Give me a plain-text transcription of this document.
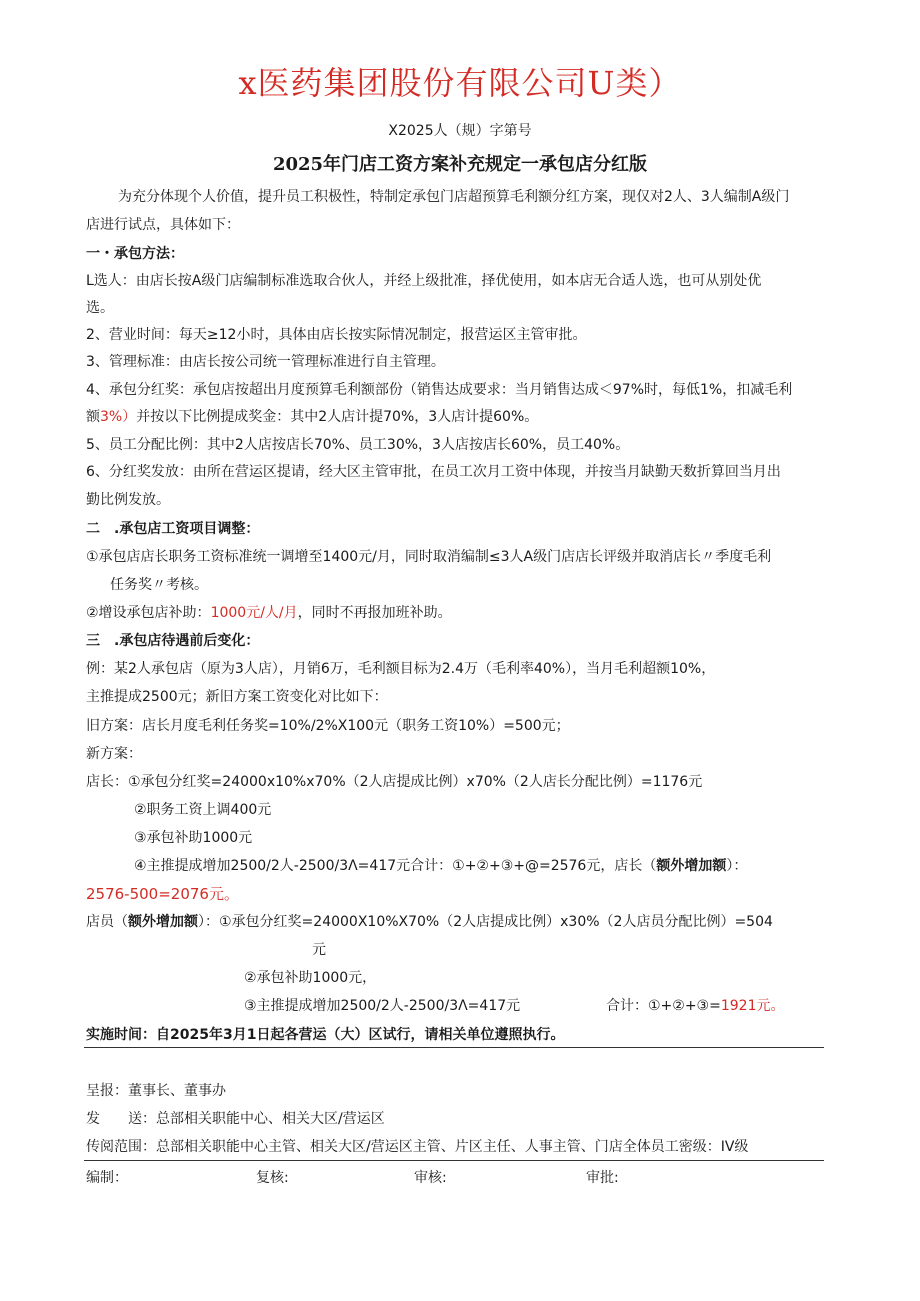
x医药集团股份有限公司U类）
X2025人（规）字第号
2025年门店工资方案补充规定一承包店分红版
为充分体现个人价值，提升员工积极性，特制定承包门店超预算毛利额分红方案，现仅对2人、3人编制A级门
店进行试点，具体如下：
一・承包方法：
L选人：由店长按A级门店编制标准选取合伙人，并经上级批准，择优使用，如本店无合适人选，也可从别处优
选。
2、营业时间：每天≥12小时，具体由店长按实际情况制定，报营运区主管审批。
3、管理标准：由店长按公司统一管理标准进行自主管理。
4、承包分红奖：承包店按超出月度预算毛利额部份（销售达成要求：当月销售达成＜97%时，每低1%，扣减毛利
额3%）并按以下比例提成奖金：其中2人店计提70%，3人店计提60%。
5、员工分配比例：其中2人店按店长70%、员工30%，3人店按店长60%，员工40%。
6、分红奖发放：由所在营运区提请，经大区主管审批，在员工次月工资中体现，并按当月缺勤天数折算回当月出
勤比例发放。
二　.承包店工资项目调整：
①承包店店长职务工资标准统一调增至1400元/月，同时取消编制≤3人A级门店店长评级并取消店长〃季度毛利
任务奖〃考核。
②增设承包店补助：1000元/人/月，同时不再报加班补助。
三　.承包店待遇前后变化：
例：某2人承包店（原为3人店），月销6万，毛利额目标为2.4万（毛利率40%），当月毛利超额10%，
主推提成2500元；新旧方案工资变化对比如下：
旧方案：店长月度毛利任务奖=10%/2%X100元（职务工资10%）=500元；
新方案：
店长：①承包分红奖=24000x10%x70%（2人店提成比例）x70%（2人店长分配比例）=1176元
②职务工资上调400元
③承包补助1000元
④主推提成增加2500/2人-2500/3Λ=417元合计：①+②+③+@=2576元，店长（额外增加额）：
2576-500=2076元。
店员（额外增加额）：①承包分红奖=24000X10%X70%（2人店提成比例）x30%（2人店员分配比例）=504
元
②承包补助1000元，
③主推提成增加2500/2人-2500/3Λ=417元	合计：①+②+③=1921元。
实施时间：自2025年3月1日起各营运（大）区试行，请相关单位遵照执行。
呈报：董事长、董事办
发　　送：总部相关职能中心、相关大区/营运区
传阅范围：总部相关职能中心主管、相关大区/营运区主管、片区主任、人事主管、门店全体员工密级：IV级
编制：	复核:	审核:	审批:
